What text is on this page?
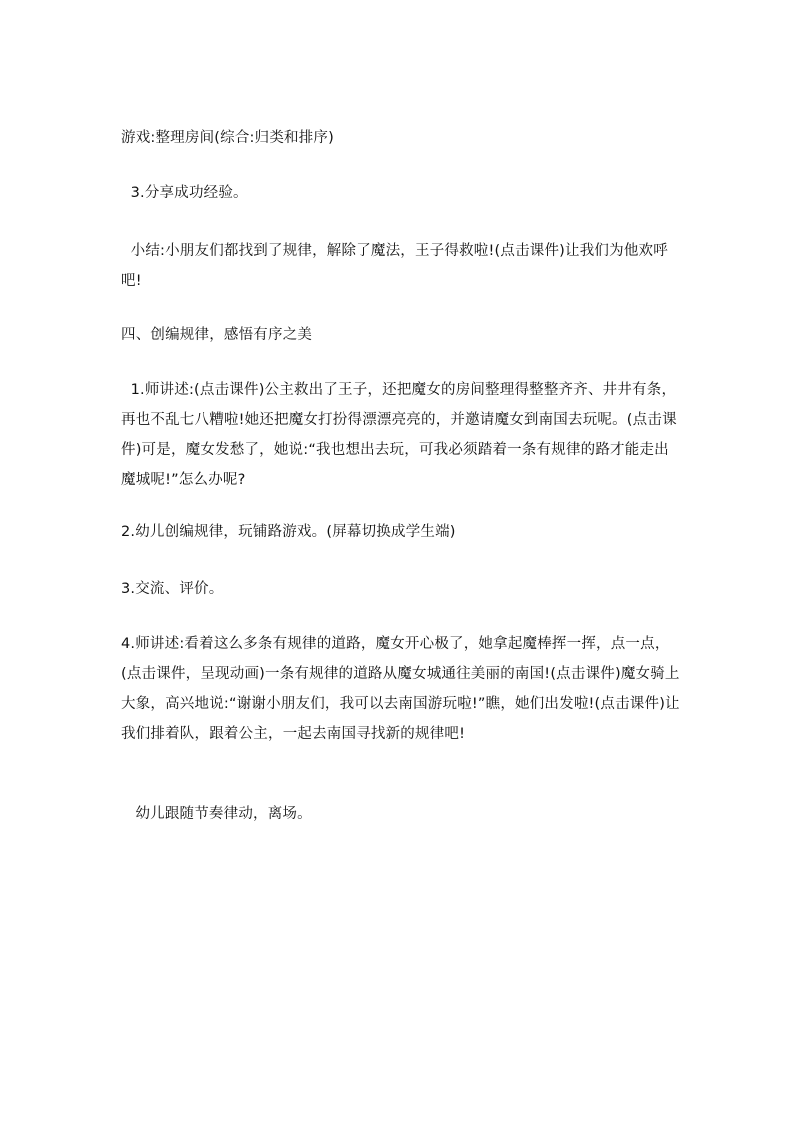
游戏:整理房间(综合:归类和排序)
3.分享成功经验。
小结:小朋友们都找到了规律，解除了魔法，王子得救啦!(点击课件)让我们为他欢呼吧!
四、创编规律，感悟有序之美
1.师讲述:(点击课件)公主救出了王子，还把魔女的房间整理得整整齐齐、井井有条，再也不乱七八糟啦!她还把魔女打扮得漂漂亮亮的，并邀请魔女到南国去玩呢。(点击课件)可是，魔女发愁了，她说:“我也想出去玩，可我必须踏着一条有规律的路才能走出魔城呢!”怎么办呢?
2.幼儿创编规律，玩铺路游戏。(屏幕切换成学生端)
3.交流、评价。
4.师讲述:看着这么多条有规律的道路，魔女开心极了，她拿起魔棒挥一挥，点一点，(点击课件，呈现动画)一条有规律的道路从魔女城通往美丽的南国!(点击课件)魔女骑上大象，高兴地说:“谢谢小朋友们，我可以去南国游玩啦!”瞧，她们出发啦!(点击课件)让我们排着队，跟着公主，一起去南国寻找新的规律吧!
幼儿跟随节奏律动，离场。
